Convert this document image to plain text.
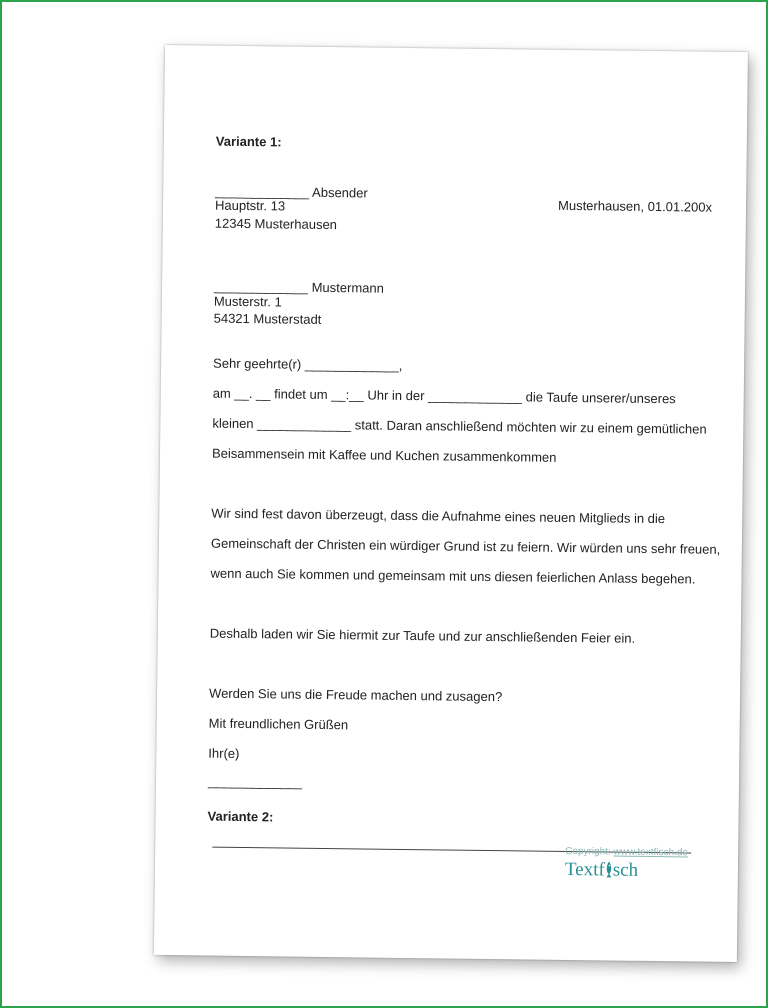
Variante 1:
_____________ Absender
Hauptstr. 13
12345 Musterhausen
Musterhausen, 01.01.200x
_____________ Mustermann
Musterstr. 1
54321 Musterstadt
Sehr geehrte(r) _____________,
am __. __ findet um __:__ Uhr in der _____________ die Taufe unserer/unseres
kleinen _____________ statt. Daran anschließend möchten wir zu einem gemütlichen
Beisammensein mit Kaffee und Kuchen zusammenkommen
Wir sind fest davon überzeugt, dass die Aufnahme eines neuen Mitglieds in die
Gemeinschaft der Christen ein würdiger Grund ist zu feiern. Wir würden uns sehr freuen,
wenn auch Sie kommen und gemeinsam mit uns diesen feierlichen Anlass begehen.
Deshalb laden wir Sie hiermit zur Taufe und zur anschließenden Feier ein.
Werden Sie uns die Freude machen und zusagen?
Mit freundlichen Grüßen
Ihr(e)
_____________
Variante 2:
Copyright: www.textfisch.de
Textf sch
